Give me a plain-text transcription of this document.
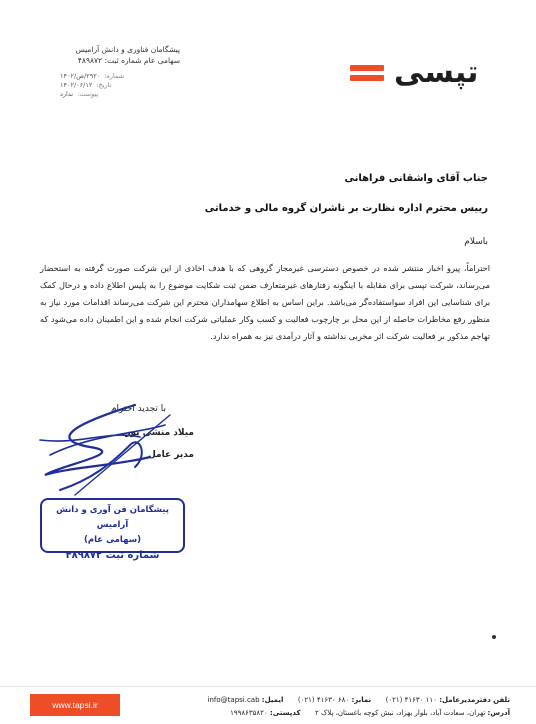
پیشگامان فناوری و دانش آرامیس
سهامی عام شماره ثبت: ۴۸۹۸۷۲
شماره:
۲۹۲۰/ص/۱۴۰۲
تاریخ:
۱۴۰۲/۰۶/۱۲
پیوست:
ندارد
تپسی
جناب آقای واشقانی فراهانی
رییس محترم اداره نظارت بر ناشران گروه مالی و خدماتی
باسلام
احتراماً، پیرو اخبار منتشر شده در خصوص دسترسی غیرمجاز گروهی که با هدف اخاذی از این شرکت صورت گرفته به استحضار می‌رساند، شرکت تپسی برای مقابله با اینگونه رفتارهای غیرمتعارف ضمن ثبت شکایت موضوع را به پلیس اطلاع داده و درحال کمک برای شناسایی این افراد سواستفاده‌گر می‌باشد. براین اساس به اطلاع سهامداران محترم این شرکت می‌رساند اقدامات مورد نیاز به منظور رفع مخاطرات حاصله از این محل بر چارچوب فعالیت و کسب وکار عملیاتی شرکت انجام شده و این اطمینان داده می‌شود که تهاجم مذکور بر فعالیت شرکت اثر مخربی نداشته و آثار درآمدی نیز به همراه ندارد.
با تجدید احترام
میلاد منشی پور
مدیر عامل
پیشگامان فن آوری و دانش آرامیس
(سهامی عام)
شماره ثبت ۴۸۹۸۷۲
www.tapsi.ir	تلفن دفترمدیرعامل: ۱۱۰ ۴۱۶۳۰ (۰۲۱)  نمابر: ۶۸۰ ۴۱۶۳۰ (۰۲۱)  ایمیل: info@tapsi.cab
آدرس: تهران، سعادت آباد، بلوار بهزاد، نبش کوچه باغستان، پلاک ۲  کدپستی: ۱۹۹۸۶۳۵۸۲۰
